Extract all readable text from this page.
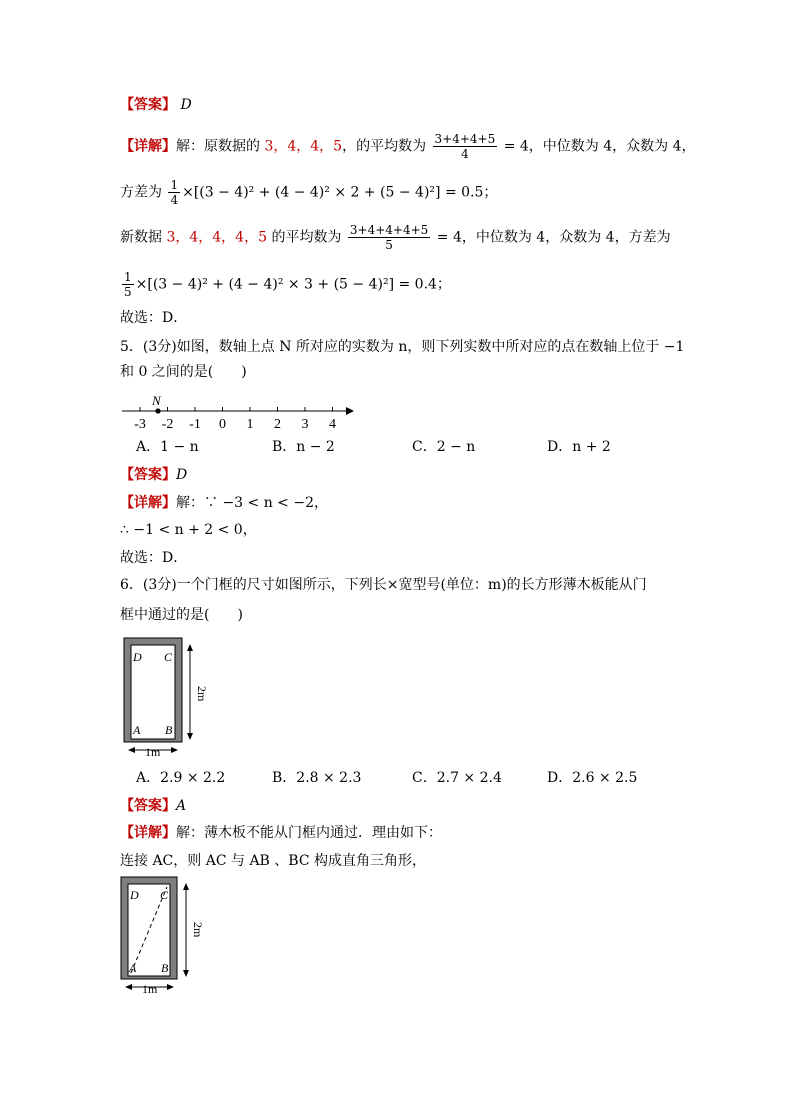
【答案】 D
【详解】解：原数据的 3，4，4，5，的平均数为 $\frac{3+4+4+5}{4} = 4$，中位数为 4，众数为 4，
方差为 $\frac{1}{4} \times[(3 - 4)^2 + (4 - 4)^2 \times 2 + (5 - 4)^2] = 0.5$；
新数据 3，4，4，4，5 的平均数为 $\frac{3+4+4+4+5}{5} = 4$，中位数为 4，众数为 4，方差为
$\frac{1}{5} \times[(3 - 4)^2 + (4 - 4)^2 \times 3 + (5 - 4)^2] = 0.4$；
故选：D．
5．(3分)如图，数轴上点 N 所对应的实数为 n，则下列实数中所对应的点在数轴上位于 −1
和 0 之间的是(　　)
-3 -2 -1 0 1 2 3 4
N
A．1 − n	B．n − 2	C．2 − n	D．n + 2
【答案】D
【详解】解：∵ −3 < n < −2，
∴ −1 < n + 2 < 0，
故选：D．
6．(3分)一个门框的尺寸如图所示，下列长×宽型号(单位：m)的长方形薄木板能从门
框中通过的是(　　)
D C
A B
2m
1m
A．2.9 × 2.2	B．2.8 × 2.3	C．2.7 × 2.4	D．2.6 × 2.5
【答案】A
【详解】解：薄木板不能从门框内通过．理由如下：
连接 AC，则 AC 与 AB 、BC 构成直角三角形，
D C
A B
2m
1m
